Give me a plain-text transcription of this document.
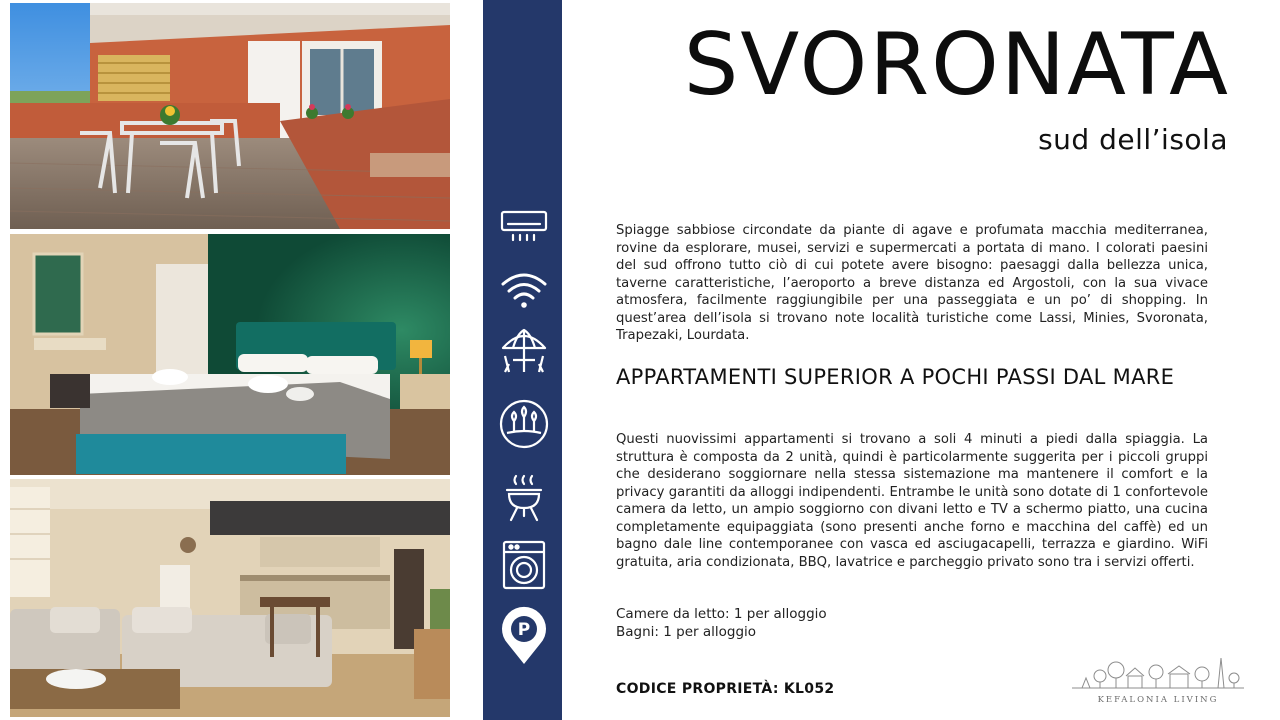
P
SVORONATA
sud dell’isola

Spiagge sabbiose circondate da piante di agave e profumata macchia mediterranea, rovine da esplorare, musei, servizi e supermercati a portata di mano. I colorati paesini del sud offrono tutto ciò di cui potete avere bisogno: paesaggi dalla bellezza unica, taverne caratteristiche, l’aeroporto a breve distanza ed Argostoli, con la sua vivace atmosfera, facilmente raggiungibile per una passeggiata e un po’ di shopping. In quest’area dell’isola si trovano note località turistiche come Lassi, Minies, Svoronata, Trapezaki, Lourdata.

APPARTAMENTI SUPERIOR A POCHI PASSI DAL MARE

Questi nuovissimi appartamenti si trovano a soli 4 minuti a piedi dalla spiaggia. La struttura è composta da 2 unità, quindi è particolarmente suggerita per i piccoli gruppi che desiderano soggiornare nella stessa sistemazione ma mantenere il comfort e la privacy garantiti da alloggi indipendenti. Entrambe le unità sono dotate di 1 confortevole camera da letto, un ampio soggiorno con divani letto e TV a schermo piatto, una cucina completamente equipaggiata (sono presenti anche forno e macchina del caffè) ed un bagno dale line contemporanee con vasca ed asciugacapelli, terrazza e giardino. WiFi gratuita, aria condizionata, BBQ, lavatrice e parcheggio privato sono tra i servizi offerti.

Camere da letto: 1 per alloggio
Bagni: 1 per alloggio
CODICE PROPRIETÀ: KL052
KEFALONIA LIVING
